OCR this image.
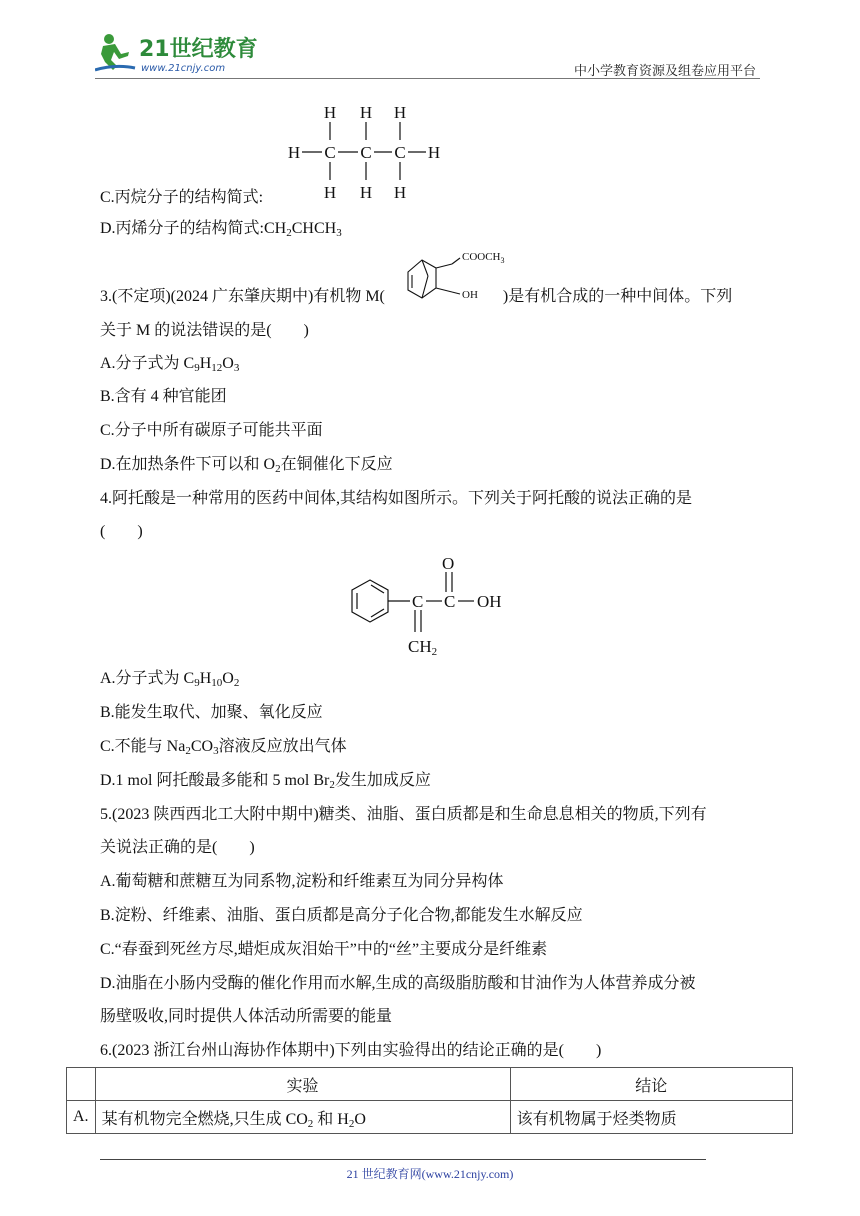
21世纪教育
www.21cnjy.com	中小学教育资源及组卷应用平台
H H H
H C C C H
H H H
C.丙烷分子的结构简式:
D.丙烯分子的结构简式$:CH_2CHCH_3$
3.(不定项)(2024 广东肇庆期中)有机物 M(	)是有机合成的一种中间体。下列
$COOCH_3$
OH
关于 M 的说法错误的是(　　)
A.分子式为 $C_9H_{12}O_3$
B.含有 4 种官能团
C.分子中所有碳原子可能共平面
D.在加热条件下可以和 $O_2$在铜催化下反应
4.阿托酸是一种常用的医药中间体,其结构如图所示。下列关于阿托酸的说法正确的是
(　　)
O
C C OH
CH2
A.分子式为 $C_9H_{10}O_2$
B.能发生取代、加聚、氧化反应
C.不能与 $Na_2CO_3$溶液反应放出气体
D.1 mol 阿托酸最多能和 5 mol $Br_2$发生加成反应
5.(2023 陕西西北工大附中期中)糖类、油脂、蛋白质都是和生命息息相关的物质,下列有
关说法正确的是(　　)
A.葡萄糖和蔗糖互为同系物,淀粉和纤维素互为同分异构体
B.淀粉、纤维素、油脂、蛋白质都是高分子化合物,都能发生水解反应
C.“春蚕到死丝方尽,蜡炬成灰泪始干”中的“丝”主要成分是纤维素
D.油脂在小肠内受酶的催化作用而水解,生成的高级脂肪酸和甘油作为人体营养成分被
肠壁吸收,同时提供人体活动所需要的能量
6.(2023 浙江台州山海协作体期中)下列由实验得出的结论正确的是(　　)
	实验	结论
A.	某有机物完全燃烧,只生成 $CO_2$ 和 $H_2O$	该有机物属于烃类物质
21 世纪教育网(www.21cnjy.com)
